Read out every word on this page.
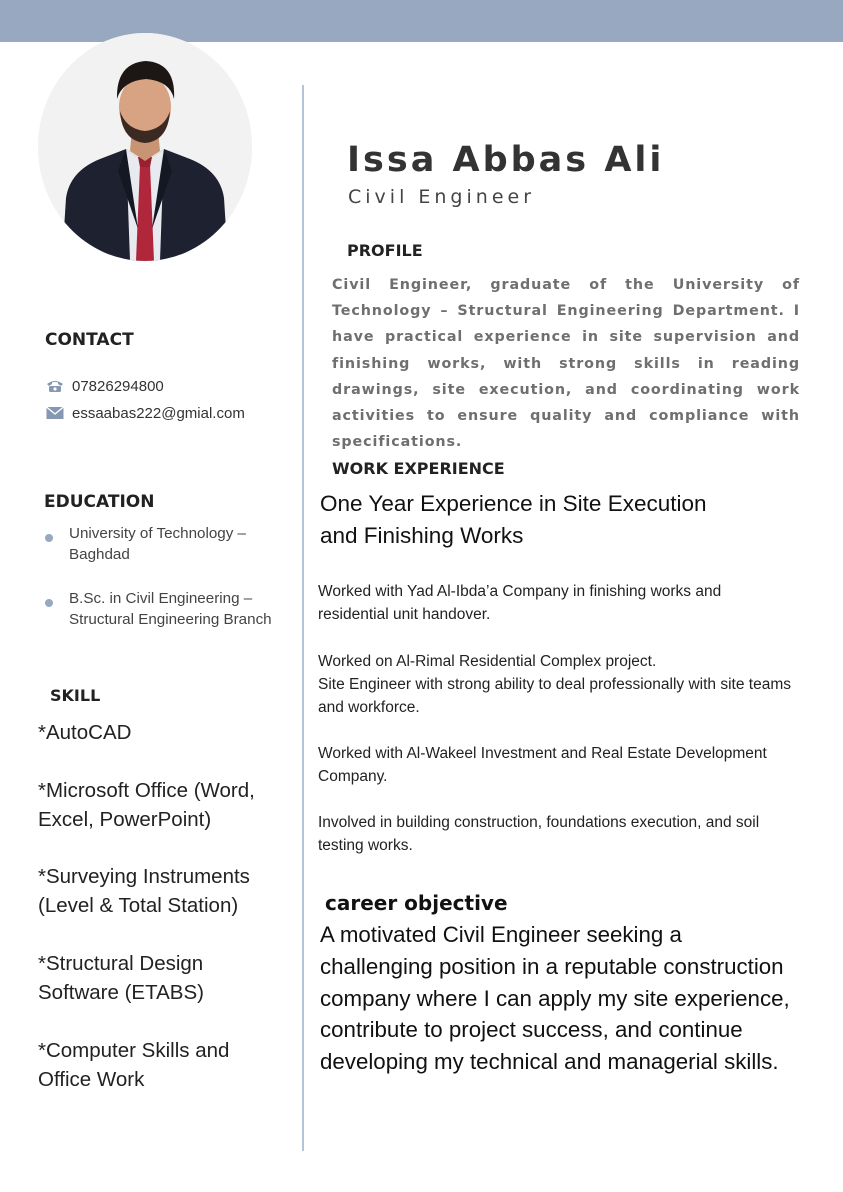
Issa Abbas Ali
Civil Engineer
PROFILE

Civil Engineer, graduate of the University of Technology – Structural Engineering Department. I have practical experience in site supervision and finishing works, with strong skills in reading drawings, site execution, and coordinating work activities to ensure quality and compliance with specifications.

CONTACT
07826294800
essaabas222@gmial.com
EDUCATION
University of Technology – Baghdad
B.Sc. in Civil Engineering – Structural Engineering Branch
SKILL

*AutoCAD

*Microsoft Office (Word, Excel, PowerPoint)

*Surveying Instruments (Level & Total Station)

*Structural Design Software (ETABS)

*Computer Skills and Office Work

WORK EXPERIENCE

One Year Experience in Site Execution and Finishing Works

Worked with Yad Al-Ibda’a Company in finishing works and residential unit handover.

Worked on Al-Rimal Residential Complex project.

Site Engineer with strong ability to deal professionally with site teams and workforce.

Worked with Al-Wakeel Investment and Real Estate Development Company.

Involved in building construction, foundations execution, and soil testing works.

career objective

A motivated Civil Engineer seeking a challenging position in a reputable construction company where I can apply my site experience, contribute to project success, and continue developing my technical and managerial skills.
